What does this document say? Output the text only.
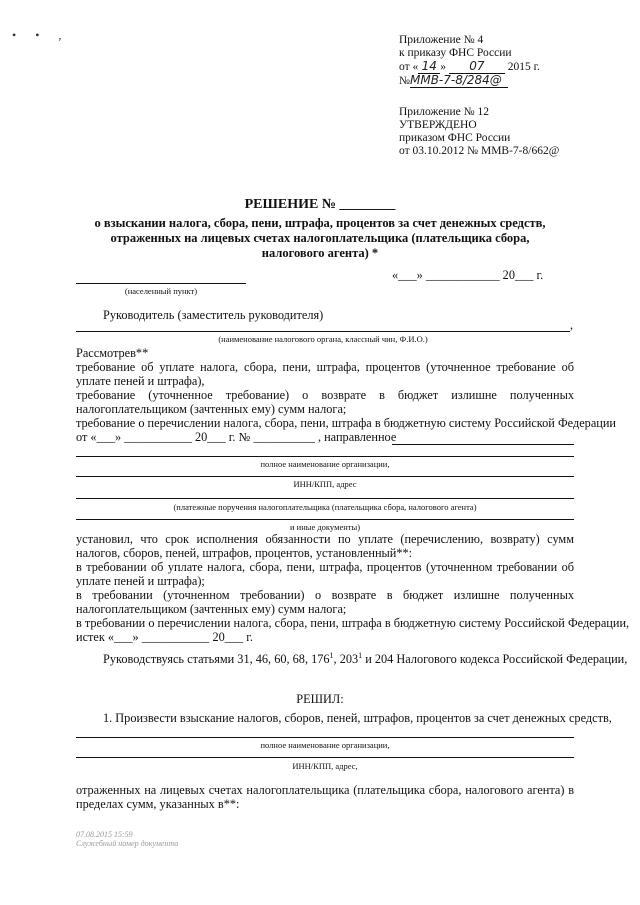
• • ,	Приложение № 4
к приказу ФНС России
от « 14 » 07 2015 г.
№ММВ-7-8/284@
Приложение № 12
УТВЕРЖДЕНО
приказом ФНС России
от 03.10.2012 № ММВ-7-8/662@
РЕШЕНИЕ № ________
о взыскании налога, сбора, пени, штрафа, процентов за счет денежных средств,
отраженных на лицевых счетах налогоплательщика (плательщика сбора,
налогового агента) *
(населенный пункт)
«___» ____________ 20___ г.
Руководитель (заместитель руководителя)
,
(наименование налогового органа, классный чин, Ф.И.О.)
Рассмотрев**
требование об уплате налога, сбора, пени, штрафа, процентов (уточненное требование об уплате пеней и штрафа),
требование (уточненное требование) о возврате в бюджет излишне полученных налогоплательщиком (зачтенных ему) сумм налога;
требование о перечислении налога, сбора, пени, штрафа в бюджетную систему Российской Федерации
от «___» ___________ 20___ г. № __________ , направленное
полное наименование организации,
ИНН/КПП, адрес
(платежные поручения налогоплательщика (плательщика сбора, налогового агента)
и иные документы)
установил, что срок исполнения обязанности по уплате (перечислению, возврату) сумм налогов, сборов, пеней, штрафов, процентов, установленный**:
в требовании об уплате налога, сбора, пени, штрафа, процентов (уточненном требовании об уплате пеней и штрафа);
в требовании (уточненном требовании) о возврате в бюджет излишне полученных налогоплательщиком (зачтенных ему) сумм налога;
в требовании о перечислении налога, сбора, пени, штрафа в бюджетную систему Российской Федерации,
истек «___» ___________ 20___ г.
Руководствуясь статьями 31, 46, 60, 68, $176^1$, $203^1$ и 204 Налогового кодекса Российской Федерации,
РЕШИЛ:
1. Произвести взыскание налогов, сборов, пеней, штрафов, процентов за счет денежных средств,
полное наименование организации,
ИНН/КПП, адрес,
отраженных на лицевых счетах налогоплательщика (плательщика сбора, налогового агента) в пределах сумм, указанных в**:
07.08.2015 15:59
Служебный номер документа
